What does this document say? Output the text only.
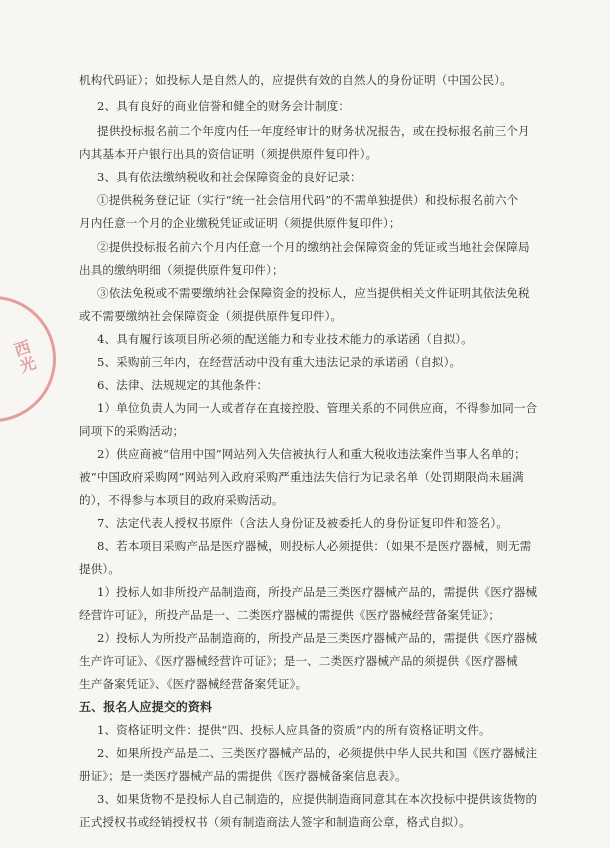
西光
机构代码证）；如投标人是自然人的，应提供有效的自然人的身份证明（中国公民）。
2、具有良好的商业信誉和健全的财务会计制度：
提供投标报名前二个年度内任一年度经审计的财务状况报告，或在投标报名前三个月
内其基本开户银行出具的资信证明（须提供原件复印件）。
3、具有依法缴纳税收和社会保障资金的良好记录：
①提供税务登记证（实行“统一社会信用代码”的不需单独提供）和投标报名前六个
月内任意一个月的企业缴税凭证或证明（须提供原件复印件）；
②提供投标报名前六个月内任意一个月的缴纳社会保障资金的凭证或当地社会保障局
出具的缴纳明细（须提供原件复印件）；
③依法免税或不需要缴纳社会保障资金的投标人，应当提供相关文件证明其依法免税
或不需要缴纳社会保障资金（须提供原件复印件）。
4、具有履行该项目所必须的配送能力和专业技术能力的承诺函（自拟）。
5、采购前三年内，在经营活动中没有重大违法记录的承诺函（自拟）。
6、法律、法规规定的其他条件：
1）单位负责人为同一人或者存在直接控股、管理关系的不同供应商，不得参加同一合
同项下的采购活动；
2）供应商被“信用中国”网站列入失信被执行人和重大税收违法案件当事人名单的；
被“中国政府采购网”网站列入政府采购严重违法失信行为记录名单（处罚期限尚未届满
的），不得参与本项目的政府采购活动。
7、法定代表人授权书原件（含法人身份证及被委托人的身份证复印件和签名）。
8、若本项目采购产品是医疗器械，则投标人必须提供：（如果不是医疗器械，则无需
提供）。
1）投标人如非所投产品制造商，所投产品是三类医疗器械产品的，需提供《医疗器械
经营许可证》，所投产品是一、二类医疗器械的需提供《医疗器械经营备案凭证》；
2）投标人为所投产品制造商的，所投产品是三类医疗器械产品的，需提供《医疗器械
生产许可证》、《医疗器械经营许可证》；是一、二类医疗器械产品的须提供《医疗器械
生产备案凭证》、《医疗器械经营备案凭证》。
五、报名人应提交的资料
1、资格证明文件：提供“四、投标人应具备的资质”内的所有资格证明文件。
2、如果所投产品是二、三类医疗器械产品的，必须提供中华人民共和国《医疗器械注
册证》；是一类医疗器械产品的需提供《医疗器械备案信息表》。
3、如果货物不是投标人自己制造的，应提供制造商同意其在本次投标中提供该货物的
正式授权书或经销授权书（须有制造商法人签字和制造商公章，格式自拟）。
